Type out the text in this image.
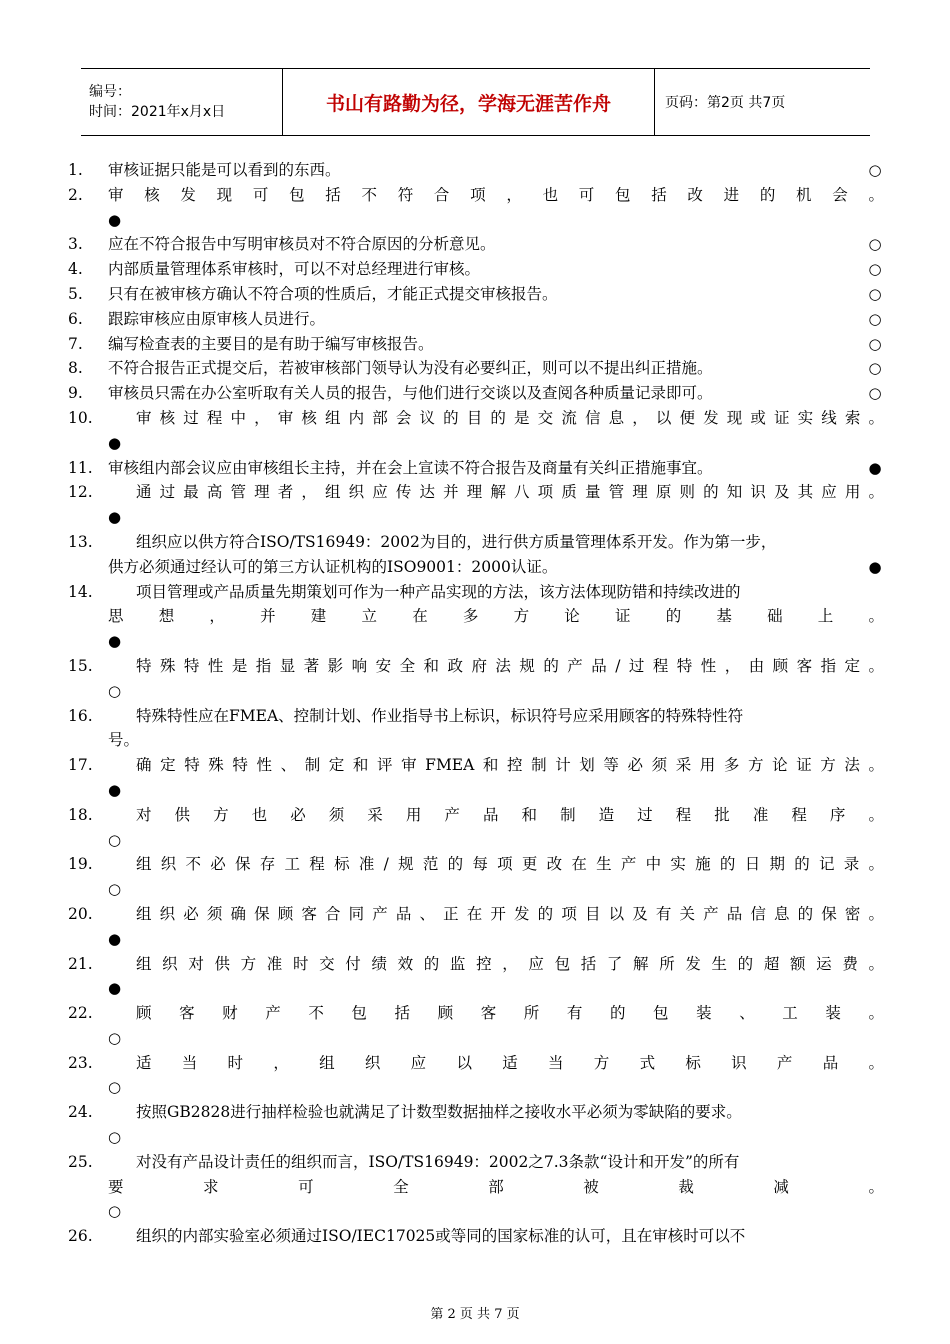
编号：
时间：2021年x月x日	书山有路勤为径，学海无涯苦作舟	页码：第2页 共7页
1.	审核证据只能是可以看到的东西。	○
2.	审核发现可包括不符合项，也可包括改进的机会。
●
3.	应在不符合报告中写明审核员对不符合原因的分析意见。	○
4.	内部质量管理体系审核时，可以不对总经理进行审核。	○
5.	只有在被审核方确认不符合项的性质后，才能正式提交审核报告。	○
6.	跟踪审核应由原审核人员进行。	○
7.	编写检查表的主要目的是有助于编写审核报告。	○
8.	不符合报告正式提交后，若被审核部门领导认为没有必要纠正，则可以不提出纠正措施。	○
9.	审核员只需在办公室听取有关人员的报告，与他们进行交谈以及查阅各种质量记录即可。	○
10.	审核过程中，审核组内部会议的目的是交流信息，以便发现或证实线索。
●
11. 审核组内部会议应由审核组长主持，并在会上宣读不符合报告及商量有关纠正措施事宜。	●
12.	通过最高管理者，组织应传达并理解八项质量管理原则的知识及其应用。
●
13.	组织应以供方符合ISO/TS16949：2002为目的，进行供方质量管理体系开发。作为第一步，
供方必须通过经认可的第三方认证机构的ISO9001：2000认证。	●
14.	项目管理或产品质量先期策划可作为一种产品实现的方法，该方法体现防错和持续改进的
思想，并建立在多方论证的基础上。
●
15.	特殊特性是指显著影响安全和政府法规的产品/过程特性，由顾客指定。
○
16.	特殊特性应在FMEA、控制计划、作业指导书上标识，标识符号应采用顾客的特殊特性符
号。
17.	确定特殊特性、制定和评审FMEA和控制计划等必须采用多方论证方法。
●
18.	对供方也必须采用产品和制造过程批准程序。
○
19.	组织不必保存工程标准/规范的每项更改在生产中实施的日期的记录。
○
20.	组织必须确保顾客合同产品、正在开发的项目以及有关产品信息的保密。
●
21.	组织对供方准时交付绩效的监控，应包括了解所发生的超额运费。
●
22.	顾客财产不包括顾客所有的包装、工装。
○
23.	适当时，组织应以适当方式标识产品。
○
24.	按照GB2828进行抽样检验也就满足了计数型数据抽样之接收水平必须为零缺陷的要求。
○
25.	对没有产品设计责任的组织而言，ISO/TS16949：2002之7.3条款“设计和开发”的所有
要求可全部被裁减。
○
26.	组织的内部实验室必须通过ISO/IEC17025或等同的国家标准的认可，且在审核时可以不
第 2 页 共 7 页
